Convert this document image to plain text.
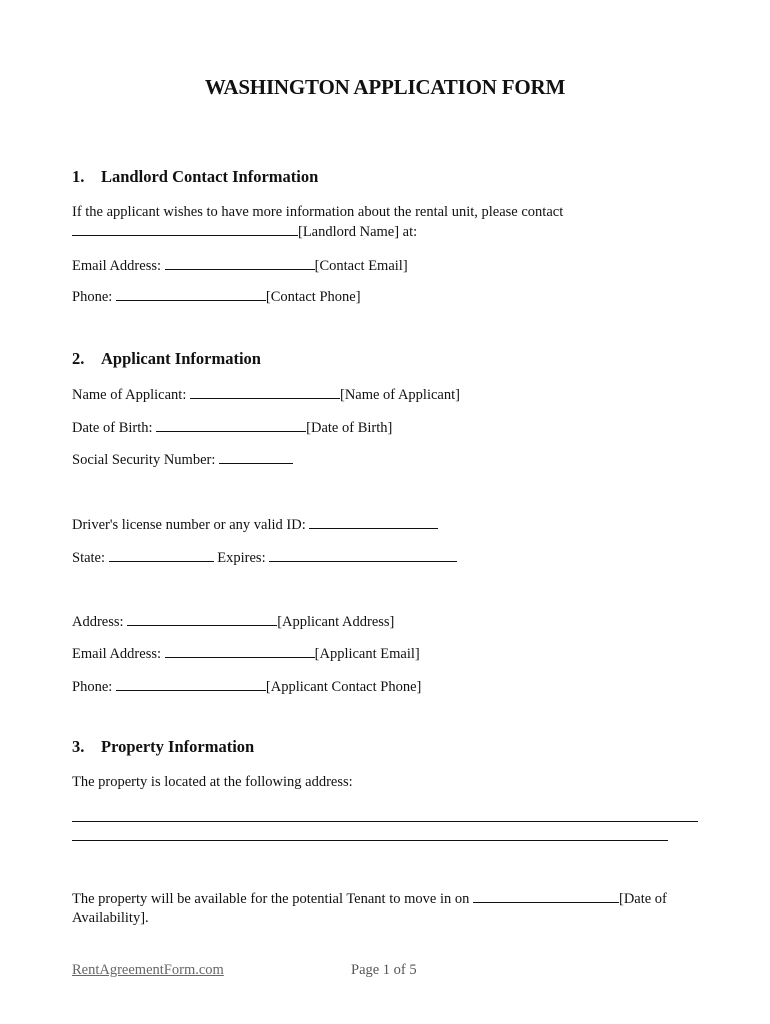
WASHINGTON APPLICATION FORM
1. Landlord Contact Information
If the applicant wishes to have more information about the rental unit, please contact
[Landlord Name] at:
Email Address:	[Contact Email]
Phone:	[Contact Phone]
2. Applicant Information
Name of Applicant:	[Name of Applicant]
Date of Birth:	[Date of Birth]
Social Security Number:
Driver's license number or any valid ID:
State:	Expires:
Address:	[Applicant Address]
Email Address:	[Applicant Email]
Phone:	[Applicant Contact Phone]
3. Property Information
The property is located at the following address:
The property will be available for the potential Tenant to move in on	[Date of
Availability].
RentAgreementForm.com	Page 1 of 5
